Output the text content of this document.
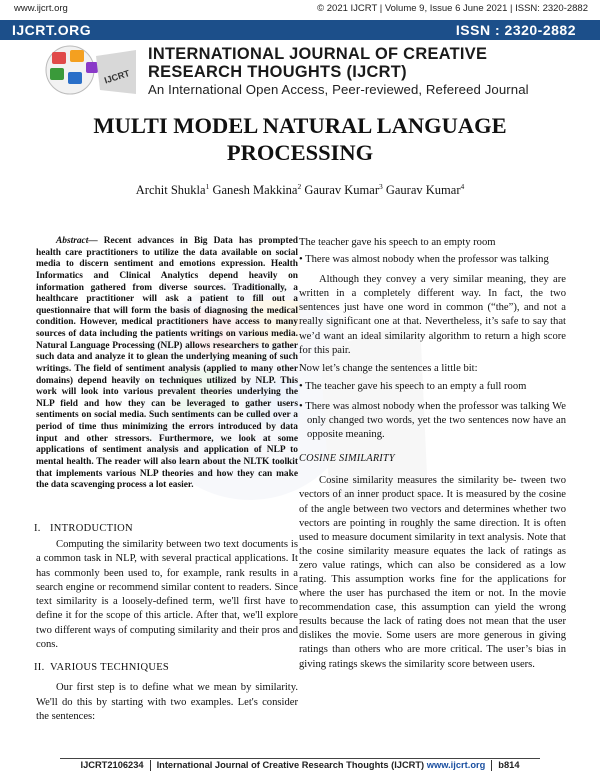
www.ijcrt.org	© 2021 IJCRT | Volume 9, Issue 6 June 2021 | ISSN: 2320-2882
IJCRT.ORG	ISSN : 2320-2882
IJCRT
INTERNATIONAL JOURNAL OF CREATIVE
RESEARCH THOUGHTS (IJCRT)
An International Open Access, Peer-reviewed, Refereed Journal
MULTI MODEL NATURAL LANGUAGE
PROCESSING
Archit Shukla$^1$ Ganesh Makkina$^2$ Gaurav Kumar$^3$ Gaurav Kumar$^4$

Abstract— Recent advances in Big Data has prompted health care practitioners to utilize the data available on social media to discern sentiment and emotions expression. Health Informatics and Clinical Analytics depend heavily on information gathered from diverse sources. Traditionally, a healthcare practitioner will ask a patient to fill out a questionnaire that will form the basis of diagnosing the medical condition. However, medical practitioners have access to many sources of data including the patients writings on various media. Natural Language Processing (NLP) allows researchers to gather such data and analyze it to glean the underlying meaning of such writings. The field of sentiment analysis (applied to many other domains) depend heavily on techniques utilized by NLP. This work will look into various prevalent theories underlying the NLP field and how they can be leveraged to gather users sentiments on social media. Such sentiments can be culled over a period of time thus minimizing the errors introduced by data input and other stressors. Furthermore, we look at some applications of sentiment analysis and application of NLP to mental health. The reader will also learn about the NLTK toolkit that implements various NLP theories and how they can make the data scavenging process a lot easier.

I. INTRODUCTION

Computing the similarity between two text documents is a common task in NLP, with several practical applications. It has commonly been used to, for example, rank results in a search engine or recommend similar content to readers. Since text similarity is a loosely-defined term, we'll first have to define it for the scope of this article. After that, we'll explore two different ways of computing similarity and their pros and cons.

II. VARIOUS TECHNIQUES

Our first step is to define what we mean by similarity. We'll do this by starting with two examples. Let's consider the sentences:

The teacher gave his speech to an empty room

• There was almost nobody when the professor was talking

Although they convey a very similar meaning, they are written in a completely different way. In fact, the two sentences just have one word in common (“the”), and not a really significant one at that. Nevertheless, it’s safe to say that we’d want an ideal similarity algorithm to return a high score for this pair.

Now let’s change the sentences a little bit:

• The teacher gave his speech to an empty a full room

• There was almost nobody when the professor was talking We only changed two words, yet the two sentences now have an opposite meaning.

COSINE SIMILARITY

Cosine similarity measures the similarity be- tween two vectors of an inner product space. It is measured by the cosine of the angle between two vectors and determines whether two vectors are pointing in roughly the same direction. It is often used to measure document similarity in text analysis. Note that the cosine similarity measure equates the lack of ratings as zero value ratings, which can also be considered as a low rating. This assumption works fine for the applications for where the user has purchased the item or not. In the movie recommendation case, this assumption can yield the wrong results because the lack of rating does not mean that the user dislikes the movie. Some users are more generous in giving ratings than others who are more critical. The user’s bias in giving ratings skews the similarity score between users.

IJCRT2106234 International Journal of Creative Research Thoughts (IJCRT) www.ijcrt.org b814
